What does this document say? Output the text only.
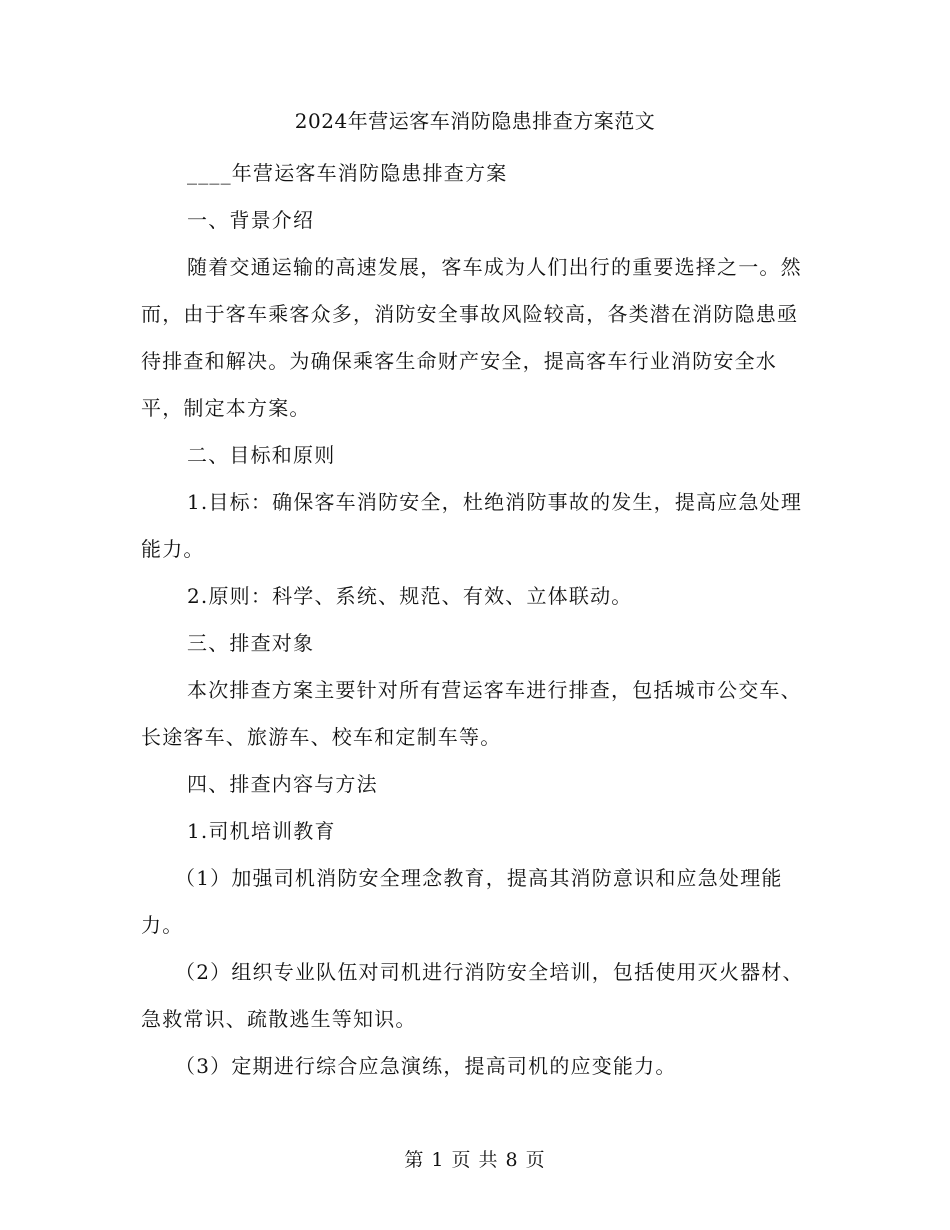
2024年营运客车消防隐患排查方案范文

____年营运客车消防隐患排查方案

一、背景介绍

随着交通运输的高速发展，客车成为人们出行的重要选择之一。然而，由于客车乘客众多，消防安全事故风险较高，各类潜在消防隐患亟待排查和解决。为确保乘客生命财产安全，提高客车行业消防安全水平，制定本方案。

二、目标和原则

1.目标：确保客车消防安全，杜绝消防事故的发生，提高应急处理能力。

2.原则：科学、系统、规范、有效、立体联动。

三、排查对象

本次排查方案主要针对所有营运客车进行排查，包括城市公交车、长途客车、旅游车、校车和定制车等。

四、排查内容与方法

1.司机培训教育

（1）加强司机消防安全理念教育，提高其消防意识和应急处理能力。

（2）组织专业队伍对司机进行消防安全培训，包括使用灭火器材、急救常识、疏散逃生等知识。

（3）定期进行综合应急演练，提高司机的应变能力。

第 1 页 共 8 页
